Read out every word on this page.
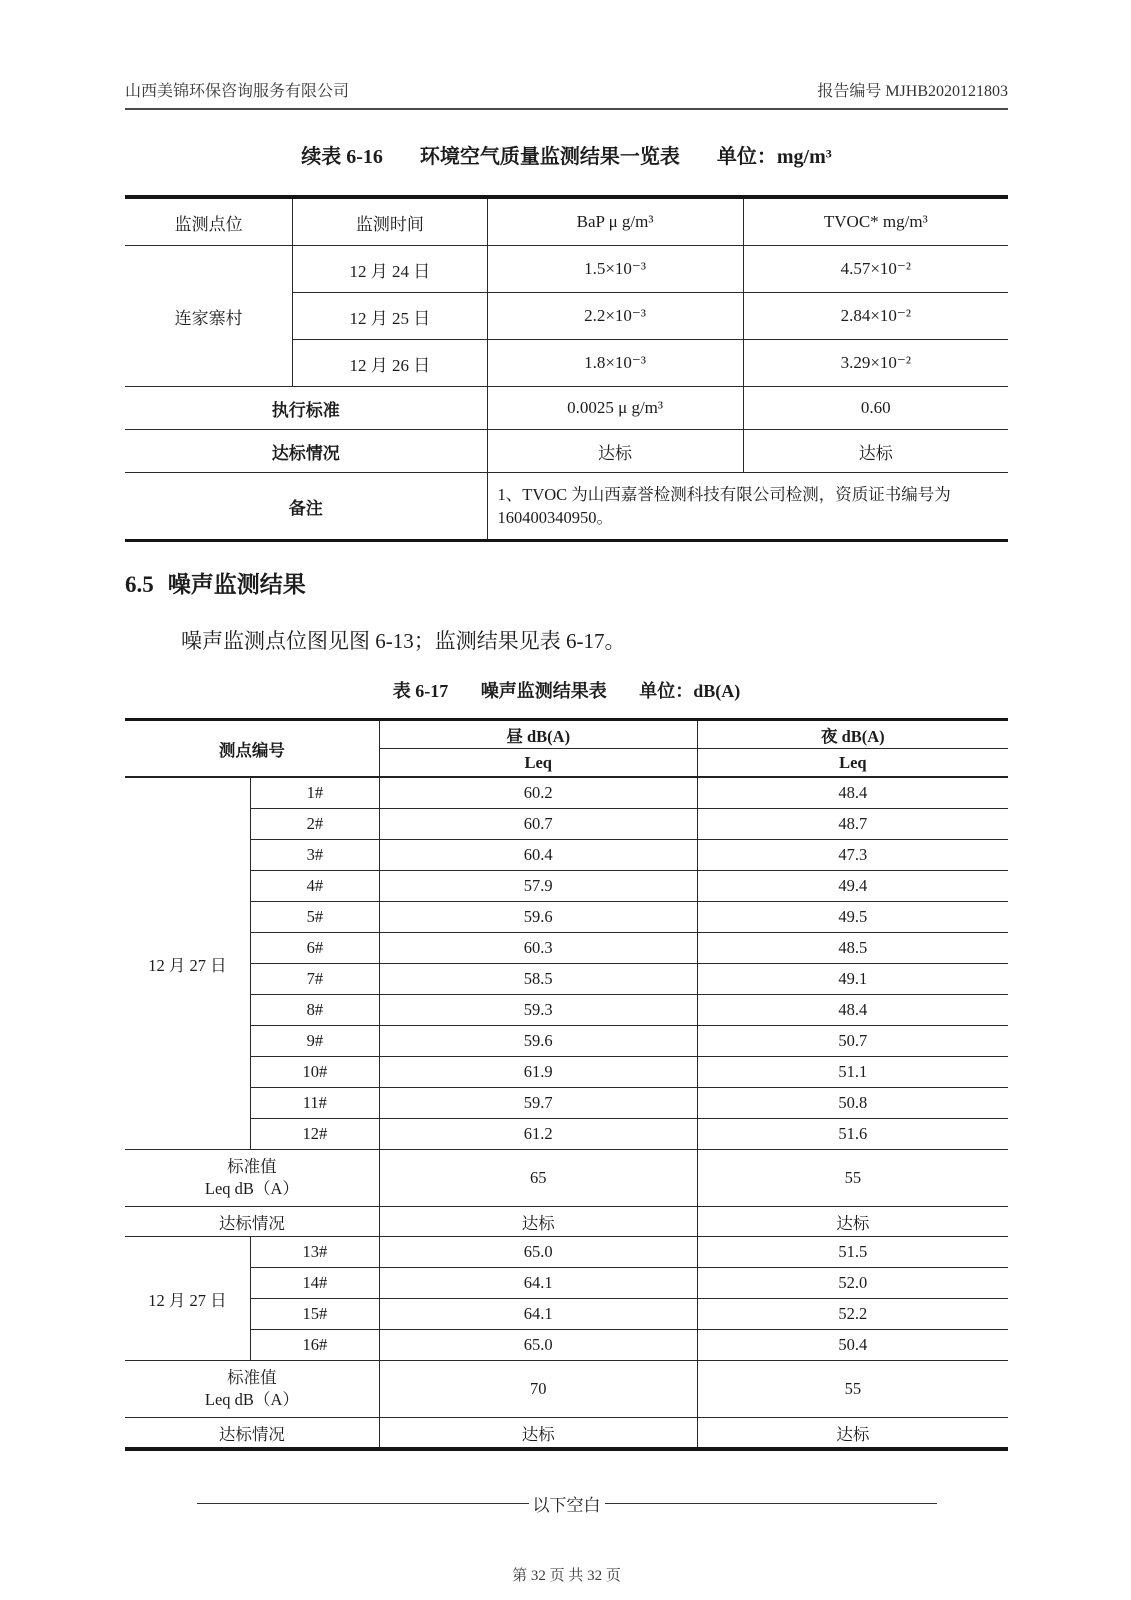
山西美锦环保咨询服务有限公司	报告编号 MJHB2020121803
续表 6-16 环境空气质量监测结果一览表 单位：mg/m³
监测点位	监测时间	BaP μ g/m³	TVOC* mg/m³
连家寨村	12 月 24 日	1.5×10⁻³	4.57×10⁻²
	12 月 25 日	2.2×10⁻³	2.84×10⁻²
	12 月 26 日	1.8×10⁻³	3.29×10⁻²
执行标准		0.0025 μ g/m³	0.60
达标情况		达标	达标
备注		1、TVOC 为山西嘉誉检测科技有限公司检测，资质证书编号为 160400340950。	
6.5 噪声监测结果

噪声监测点位图见图 6-13；监测结果见表 6-17。

表 6-17 噪声监测结果表 单位：dB(A)
测点编号		昼 dB(A)	夜 dB(A)
		Leq	Leq
12 月 27 日	1#	60.2	48.4
	2#	60.7	48.7
	3#	60.4	47.3
	4#	57.9	49.4
	5#	59.6	49.5
	6#	60.3	48.5
	7#	58.5	49.1
	8#	59.3	48.4
	9#	59.6	50.7
	10#	61.9	51.1
	11#	59.7	50.8
	12#	61.2	51.6

标准值
Leq dB（A）		65	55
达标情况		达标	达标
12 月 27 日	13#	65.0	51.5
	14#	64.1	52.0
	15#	64.1	52.2
	16#	65.0	50.4

标准值
Leq dB（A）		70	55
达标情况		达标	达标
以下空白
第 32 页 共 32 页
